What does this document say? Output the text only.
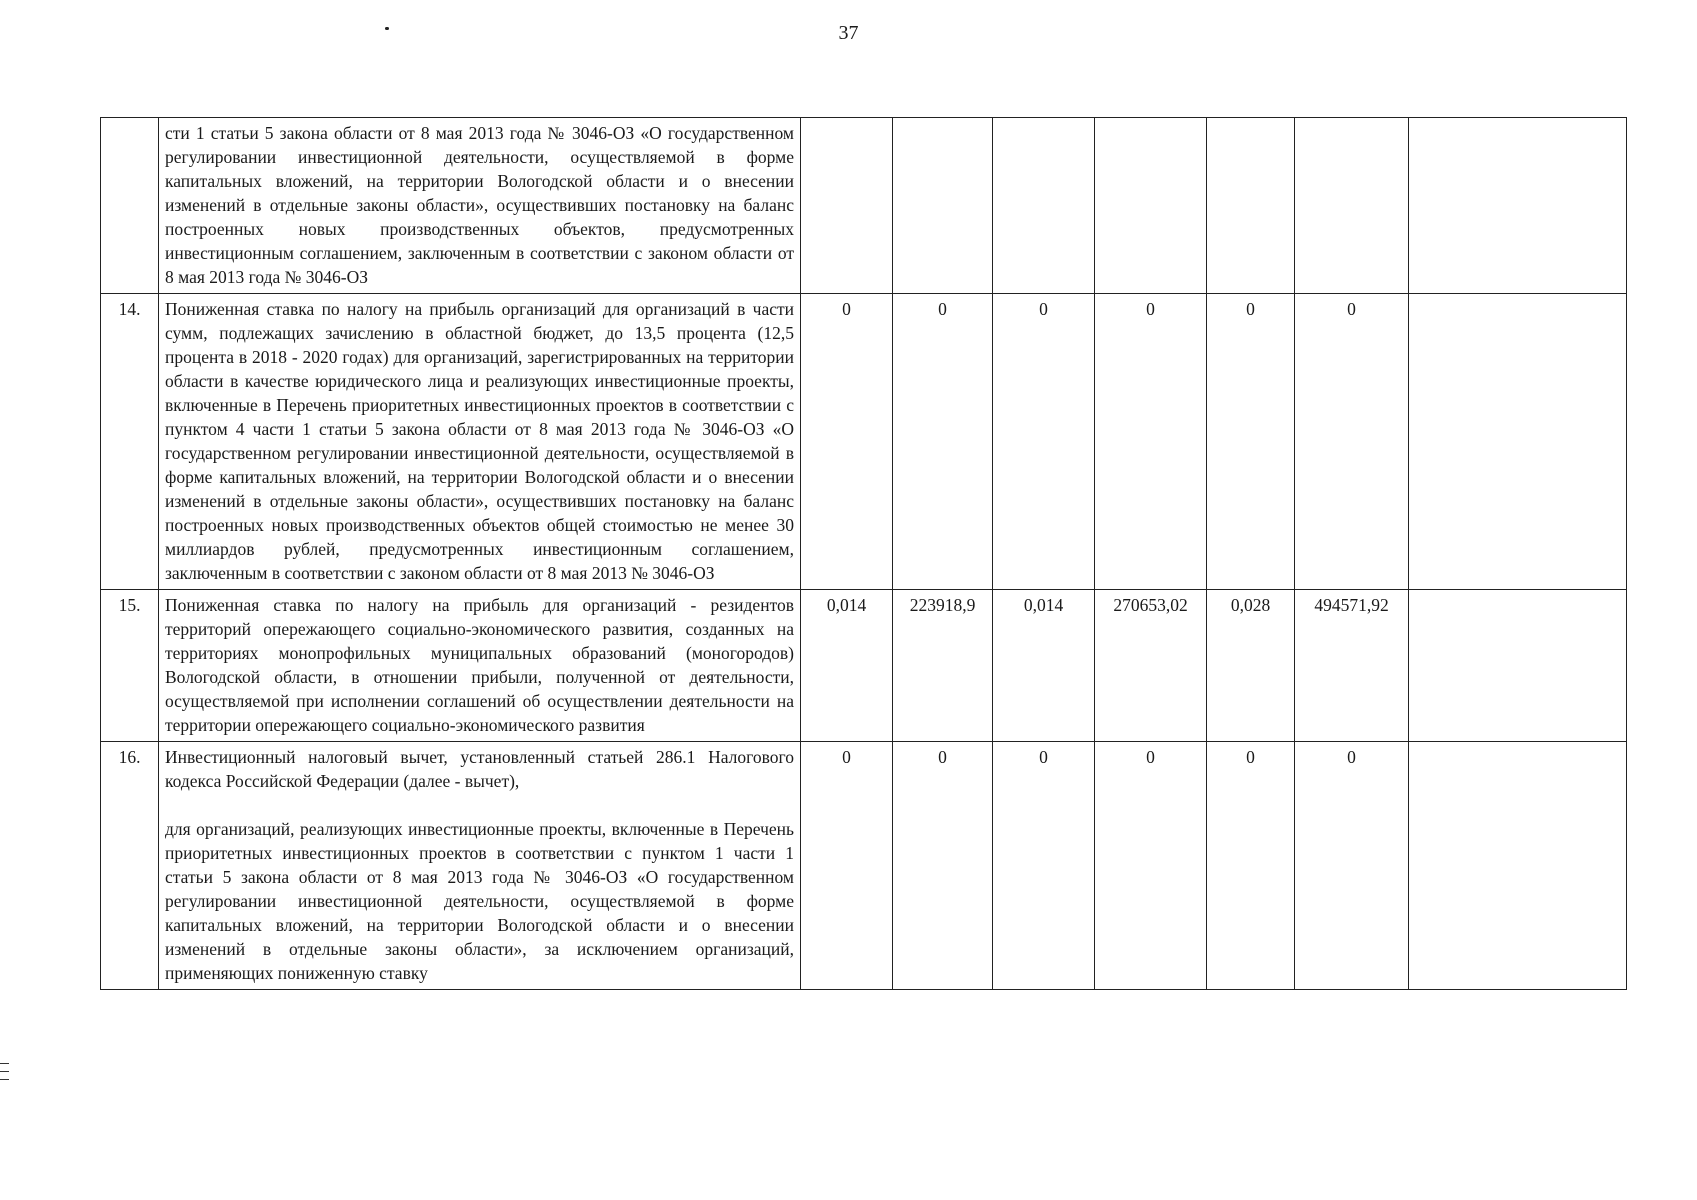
37

	сти 1 статьи 5 закона области от 8 мая 2013 года № 3046-ОЗ «О государственном регулировании инвестиционной деятельности, осуществляемой в форме капитальных вложений, на территории Вологодской области и о внесении изменений в отдельные законы области», осуществивших постановку на баланс построенных новых производственных объектов, предусмотренных инвестиционным соглашением, заключенным в соответствии с законом области от 8 мая 2013 года № 3046-ОЗ							

14.	Пониженная ставка по налогу на прибыль организаций для организаций в части сумм, подлежащих зачислению в областной бюджет, до 13,5 процента (12,5 процента в 2018 - 2020 годах) для организаций, зарегистрированных на территории области в качестве юридического лица и реализующих инвестиционные проекты, включенные в Перечень приоритетных инвестиционных проектов в соответствии с пунктом 4 части 1 статьи 5 закона области от 8 мая 2013 года № 3046-ОЗ «О государственном регулировании инвестиционной деятельности, осуществляемой в форме капитальных вложений, на территории Вологодской области и о внесении изменений в отдельные законы области», осуществивших постановку на баланс построенных новых производственных объектов общей стоимостью не менее 30 миллиардов рублей, предусмотренных инвестиционным соглашением, заключенным в соответствии с законом области от 8 мая 2013 № 3046-ОЗ	0	0	0	0	0	0	
15.	Пониженная ставка по налогу на прибыль для организаций - резидентов территорий опережающего социально-экономического развития, созданных на территориях монопрофильных муниципальных образований (моногородов) Вологодской области, в отношении прибыли, полученной от деятельности, осуществляемой при исполнении соглашений об осуществлении деятельности на территории опережающего социально-экономического развития	0,014	223918,9	0,014	270653,02	0,028	494571,92	
16.	Инвестиционный налоговый вычет, установленный статьей 286.1 Налогового кодекса Российской Федерации (далее - вычет),

для организаций, реализующих инвестиционные проекты, включенные в Перечень приоритетных инвестиционных проектов в соответствии с пунктом 1 части 1 статьи 5 закона области от 8 мая 2013 года № 3046-ОЗ «О государственном регулировании инвестиционной деятельности, осуществляемой в форме капитальных вложений, на территории Вологодской области и о внесении изменений в отдельные законы области», за исключением организаций, применяющих пониженную ставку	0	0	0	0	0	0	
